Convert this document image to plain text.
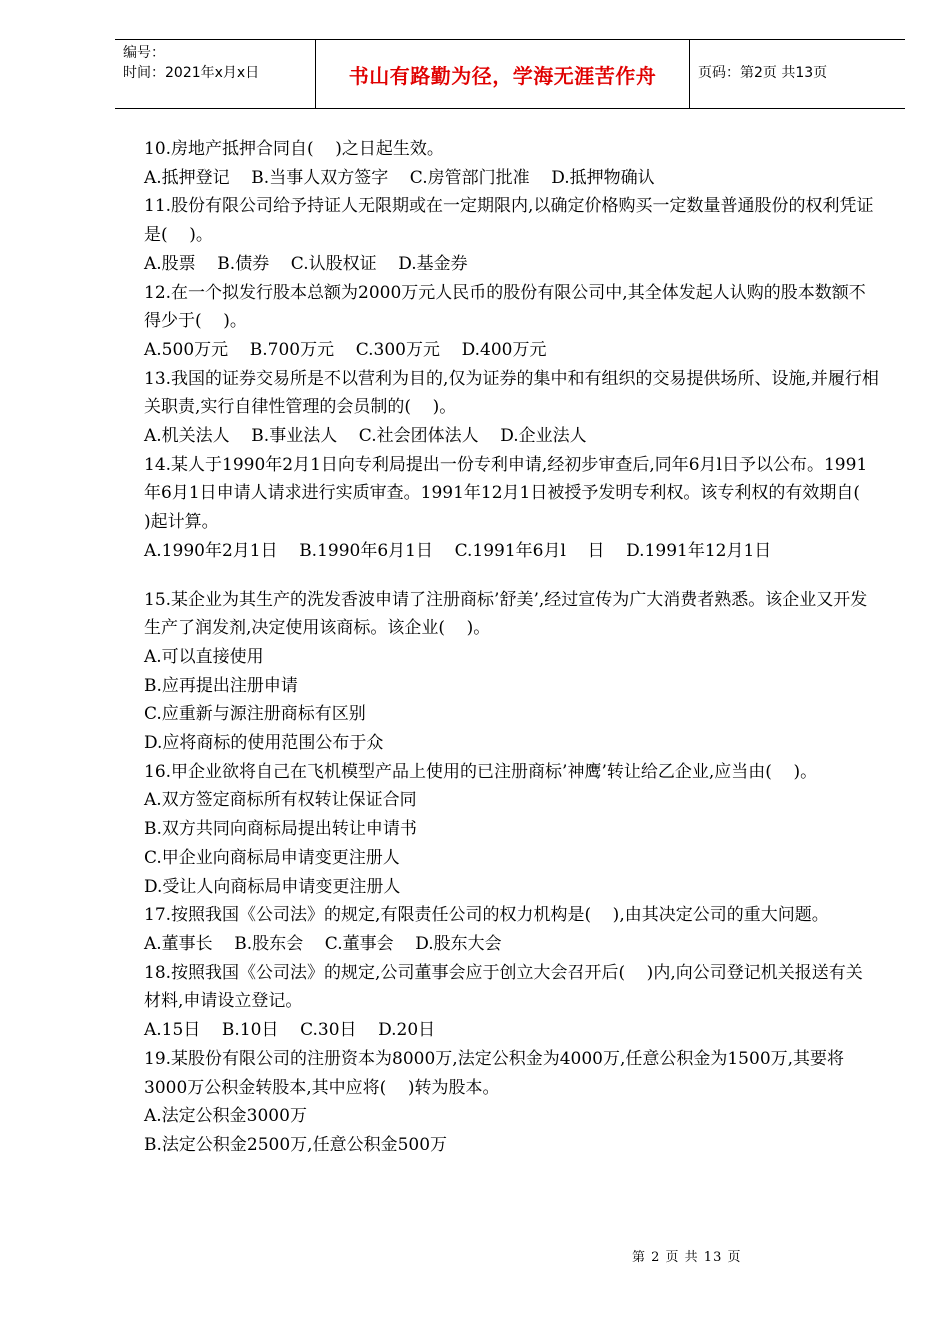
编号：
时间：2021年x月x日	书山有路勤为径，学海无涯苦作舟	页码：第2页 共13页

10.房地产抵押合同自(    )之日起生效。

A.抵押登记    B.当事人双方签字    C.房管部门批准    D.抵押物确认

11.股份有限公司给予持证人无限期或在一定期限内,以确定价格购买一定数量普通股份的权利凭证是(    )。

A.股票    B.债券    C.认股权证    D.基金券

12.在一个拟发行股本总额为2000万元人民币的股份有限公司中,其全体发起人认购的股本数额不得少于(    )。

A.500万元    B.700万元    C.300万元    D.400万元

13.我国的证券交易所是不以营利为目的,仅为证券的集中和有组织的交易提供场所、设施,并履行相关职责,实行自律性管理的会员制的(    )。

A.机关法人    B.事业法人    C.社会团体法人    D.企业法人

14.某人于1990年2月1日向专利局提出一份专利申请,经初步审查后,同年6月l日予以公布。1991年6月1日申请人请求进行实质审查。1991年12月1日被授予发明专利权。该专利权的有效期自(    )起计算。

A.1990年2月1日    B.1990年6月1日    C.1991年6月l    日    D.1991年12月1日

15.某企业为其生产的洗发香波申请了注册商标’舒美’,经过宣传为广大消费者熟悉。该企业又开发生产了润发剂,决定使用该商标。该企业(    )。

A.可以直接使用

B.应再提出注册申请

C.应重新与源注册商标有区别

D.应将商标的使用范围公布于众

16.甲企业欲将自己在飞机模型产品上使用的已注册商标’神鹰’转让给乙企业,应当由(    )。

A.双方签定商标所有权转让保证合同

B.双方共同向商标局提出转让申请书

C.甲企业向商标局申请变更注册人

D.受让人向商标局申请变更注册人

17.按照我国《公司法》的规定,有限责任公司的权力机构是(    ),由其决定公司的重大问题。

A.董事长    B.股东会    C.董事会    D.股东大会

18.按照我国《公司法》的规定,公司董事会应于创立大会召开后(    )内,向公司登记机关报送有关材料,申请设立登记。

A.15日    B.10日    C.30日    D.20日

19.某股份有限公司的注册资本为8000万,法定公积金为4000万,任意公积金为1500万,其要将3000万公积金转股本,其中应将(    )转为股本。

A.法定公积金3000万

B.法定公积金2500万,任意公积金500万

第 2 页 共 13 页
